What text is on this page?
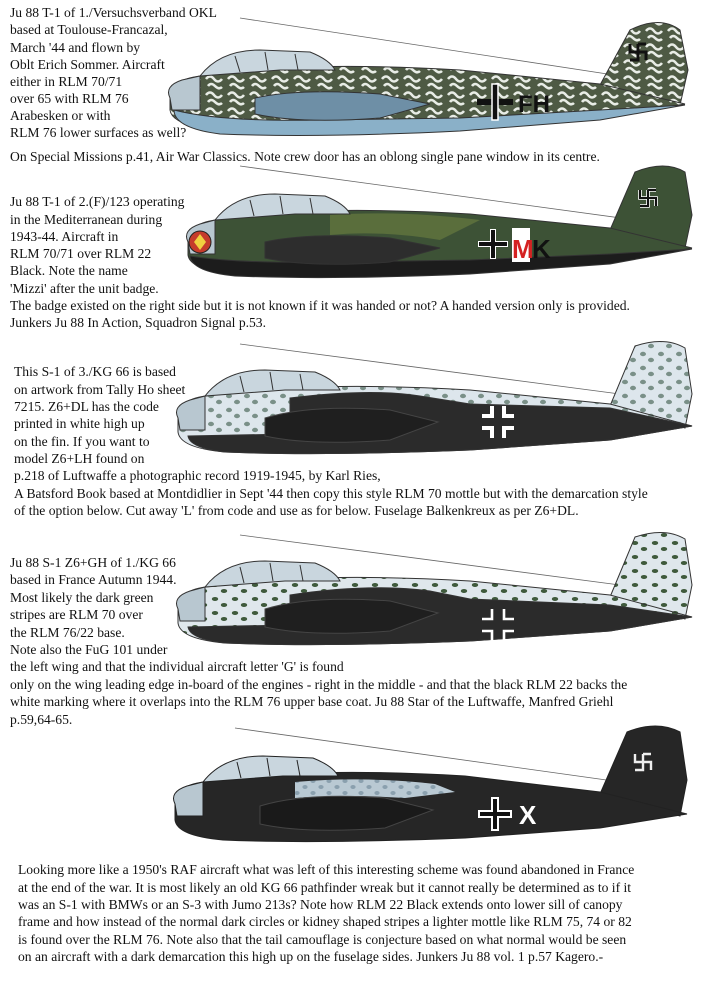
FH
Ju 88 T-1 of 1./Versuchsverband OKL
based at Toulouse-Francazal,
March '44 and flown by
Oblt Erich Sommer. Aircraft
either in RLM 70/71
over 65 with RLM 76
Arabesken or with
RLM 76 lower surfaces as well?
On Special Missions p.41, Air War Classics. Note crew door has an oblong single pane window in its centre.
M
K
Ju 88 T-1 of 2.(F)/123 operating
in the Mediterranean during
1943-44. Aircraft in
RLM 70/71 over RLM 22
Black. Note the name
'Mizzi' after the unit badge.
The badge existed on the right side but it is not known if it was handed or not? A handed version only is provided.
Junkers Ju 88 In Action, Squadron Signal p.53.
This S-1 of 3./KG 66 is based
on artwork from Tally Ho sheet
7215. Z6+DL has the code
printed in white high up
on the fin. If you want to
model Z6+LH found on
p.218 of Luftwaffe a photographic record 1919-1945, by Karl Ries,
A Batsford Book based at Montdidlier in Sept '44 then copy this style RLM 70 mottle but with the demarcation style
of the option below. Cut away 'L' from code and use as for below. Fuselage Balkenkreux as per Z6+DL.
Ju 88 S-1 Z6+GH of 1./KG 66
based in France Autumn 1944.
Most likely the dark green
stripes are RLM 70 over
the RLM 76/22 base.
Note also the FuG 101 under
the left wing and that the individual aircraft letter 'G' is found
only on the wing leading edge in-board of the engines - right in the middle - and that the black RLM 22 backs the
white marking where it overlaps into the RLM 76 upper base coat. Ju 88 Star of the Luftwaffe, Manfred Griehl
p.59,64-65.
X
Looking more like a 1950's RAF aircraft what was left of this interesting scheme was found abandoned in France
at the end of the war. It is most likely an old KG 66 pathfinder wreak but it cannot really be determined as to if it
was an S-1 with BMWs or an S-3 with Jumo 213s? Note how RLM 22 Black extends onto lower sill of canopy
frame and how instead of the normal dark circles or kidney shaped stripes a lighter mottle like RLM 75, 74 or 82
is found over the RLM 76. Note also that the tail camouflage is conjecture based on what normal would be seen
on an aircraft with a dark demarcation this high up on the fuselage sides. Junkers Ju 88 vol. 1 p.57 Kagero.-
